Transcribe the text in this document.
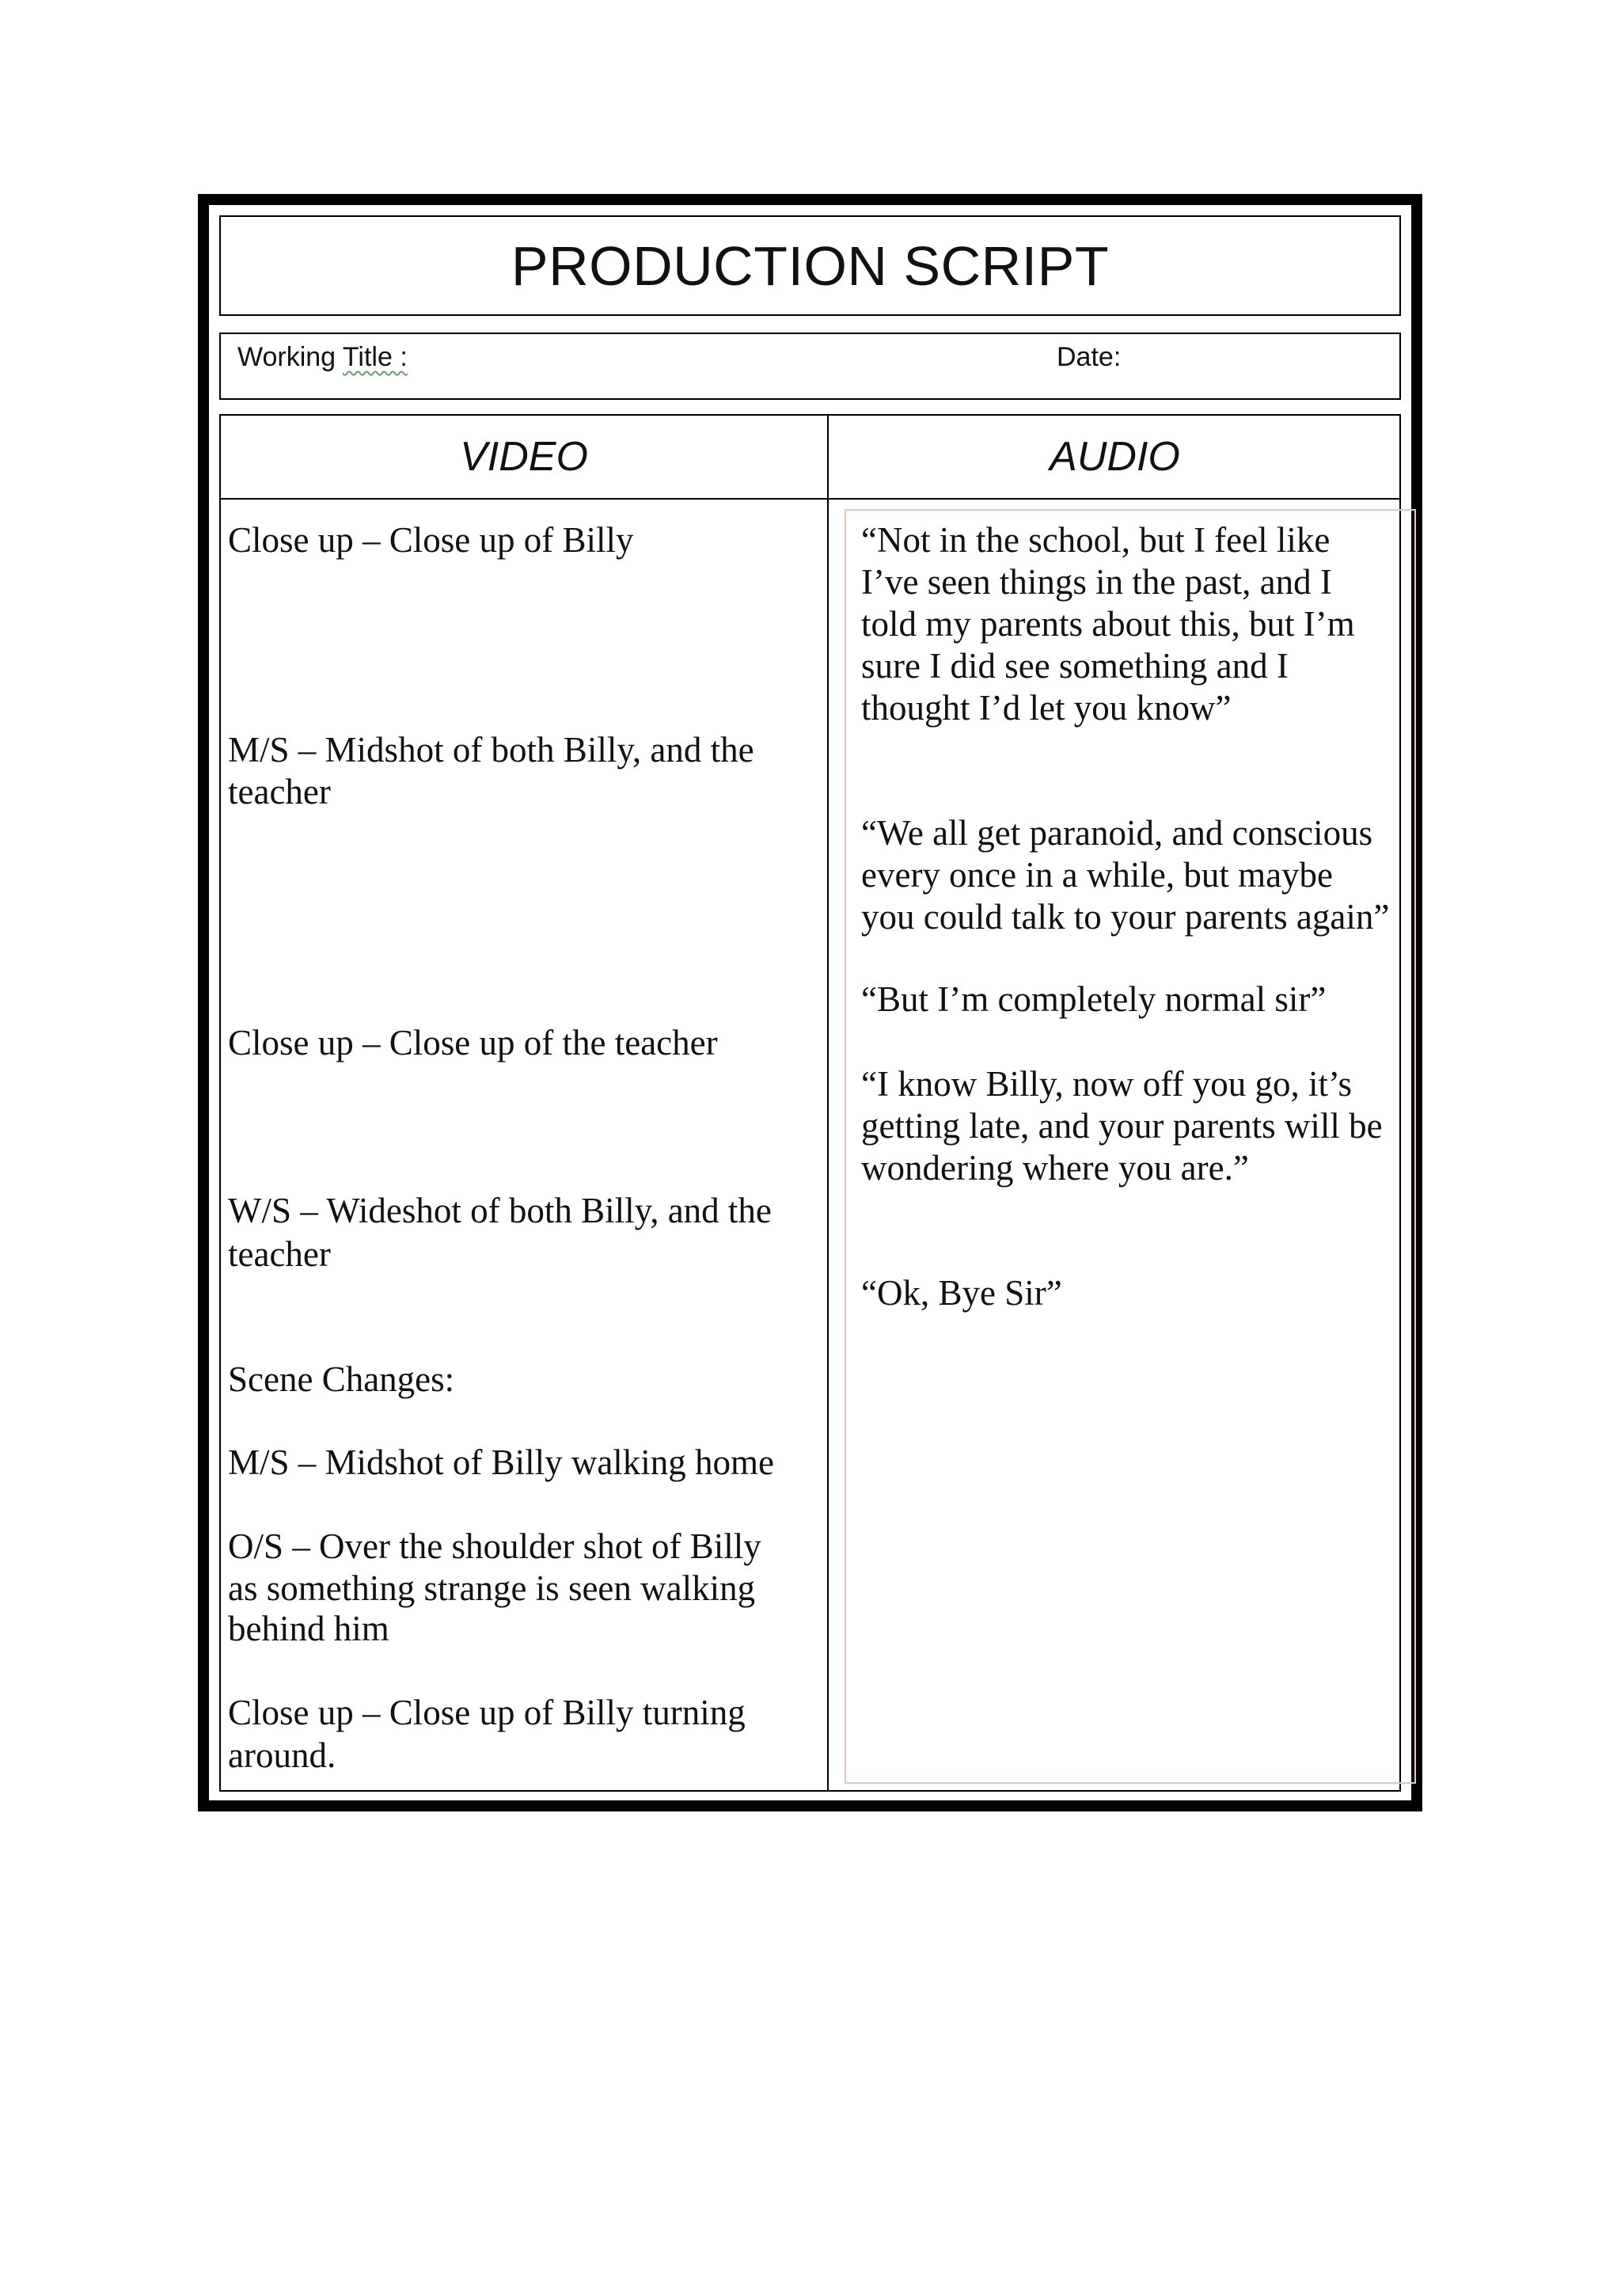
PRODUCTION SCRIPT
Working Title :	Date:
VIDEO	AUDIO
Close up – Close up of Billy
M/S – Midshot of both Billy, and the
teacher
Close up – Close up of the teacher
W/S – Wideshot of both Billy, and the
teacher
Scene Changes:
M/S – Midshot of Billy walking home
O/S – Over the shoulder shot of Billy
as something strange is seen walking
behind him
Close up – Close up of Billy turning
around.
“Not in the school, but I feel like
I’ve seen things in the past, and I
told my parents about this, but I’m
sure I did see something and I
thought I’d let you know”
“We all get paranoid, and conscious
every once in a while, but maybe
you could talk to your parents again”
“But I’m completely normal sir”
“I know Billy, now off you go, it’s
getting late, and your parents will be
wondering where you are.”
“Ok, Bye Sir”
